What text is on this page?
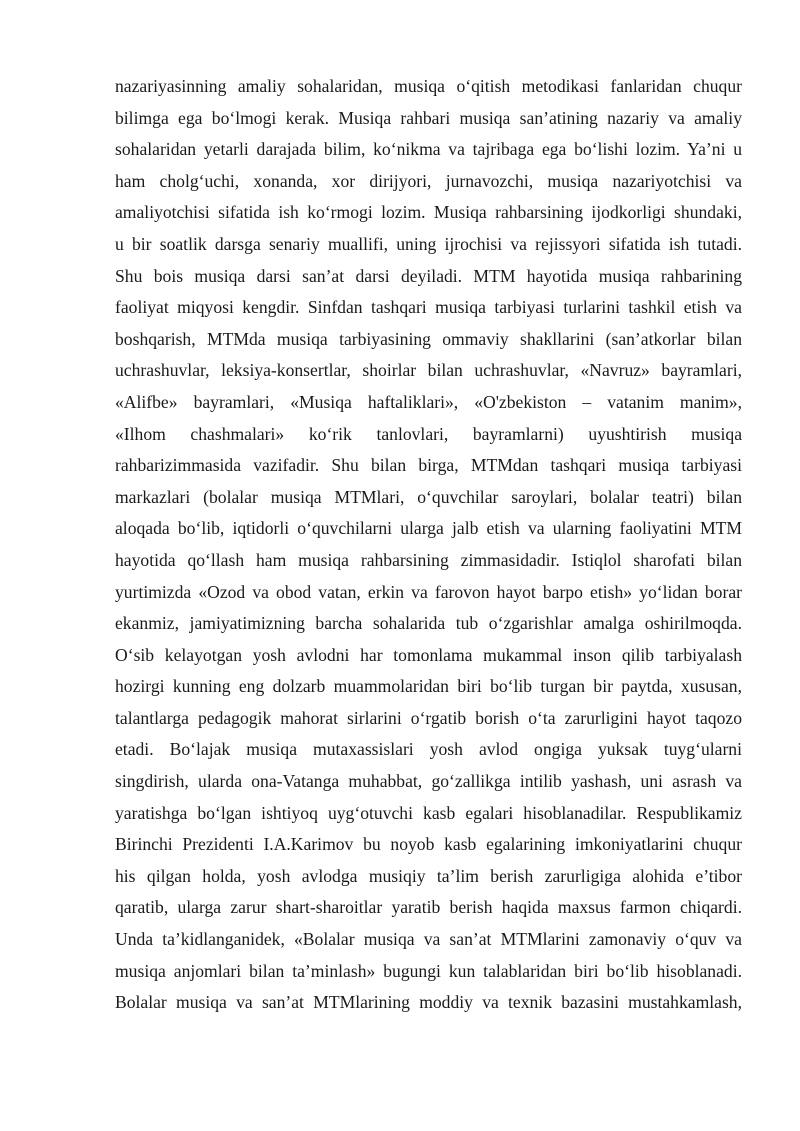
nazariyasinning amaliy sohalaridan, musiqa o‘qitish metodikasi fanlaridan chuqur
bilimga ega bo‘lmogi kerak. Musiqa rahbari musiqa san’atining nazariy va amaliy
sohalaridan yetarli darajada bilim, ko‘nikma va tajribaga ega bo‘lishi lozim. Ya’ni u
ham cholg‘uchi, xonanda, xor dirijyori, jurnavozchi, musiqa nazariyotchisi va
amaliyotchisi sifatida ish ko‘rmogi lozim. Musiqa rahbarsining ijodkorligi shundaki,
u bir soatlik darsga senariy muallifi, uning ijrochisi va rejissyori sifatida ish tutadi.
Shu bois musiqa darsi san’at darsi deyiladi. MTM hayotida musiqa rahbarining
faoliyat miqyosi kengdir. Sinfdan tashqari musiqa tarbiyasi turlarini tashkil etish va
boshqarish, MTMda musiqa tarbiyasining ommaviy shakllarini (san’atkorlar bilan
uchrashuvlar, leksiya-konsertlar, shoirlar bilan uchrashuvlar, «Navruz» bayramlari,
«Alifbe» bayramlari, «Musiqa haftaliklari», «O'zbekiston – vatanim manim»,
«Ilhom chashmalari» ko‘rik tanlovlari, bayramlarni) uyushtirish musiqa
rahbarizimmasida vazifadir. Shu bilan birga, MTMdan tashqari musiqa tarbiyasi
markazlari (bolalar musiqa MTMlari, o‘quvchilar saroylari, bolalar teatri) bilan
aloqada bo‘lib, iqtidorli o‘quvchilarni ularga jalb etish va ularning faoliyatini MTM
hayotida qo‘llash ham musiqa rahbarsining zimmasidadir. Istiqlol sharofati bilan
yurtimizda «Ozod va obod vatan, erkin va farovon hayot barpo etish» yo‘lidan borar
ekanmiz, jamiyatimizning barcha sohalarida tub o‘zgarishlar amalga oshirilmoqda.
O‘sib kelayotgan yosh avlodni har tomonlama mukammal inson qilib tarbiyalash
hozirgi kunning eng dolzarb muammolaridan biri bo‘lib turgan bir paytda, xususan,
talantlarga pedagogik mahorat sirlarini o‘rgatib borish o‘ta zarurligini hayot taqozo
etadi. Bo‘lajak musiqa mutaxassislari yosh avlod ongiga yuksak tuyg‘ularni
singdirish, ularda ona-Vatanga muhabbat, go‘zallikga intilib yashash, uni asrash va
yaratishga bo‘lgan ishtiyoq uyg‘otuvchi kasb egalari hisoblanadilar. Respublikamiz
Birinchi Prezidenti I.A.Karimov bu noyob kasb egalarining imkoniyatlarini chuqur
his qilgan holda, yosh avlodga musiqiy ta’lim berish zarurligiga alohida e’tibor
qaratib, ularga zarur shart-sharoitlar yaratib berish haqida maxsus farmon chiqardi.
Unda ta’kidlanganidek, «Bolalar musiqa va san’at MTMlarini zamonaviy o‘quv va
musiqa anjomlari bilan ta’minlash» bugungi kun talablaridan biri bo‘lib hisoblanadi.
Bolalar musiqa va san’at MTMlarining moddiy va texnik bazasini mustahkamlash,
